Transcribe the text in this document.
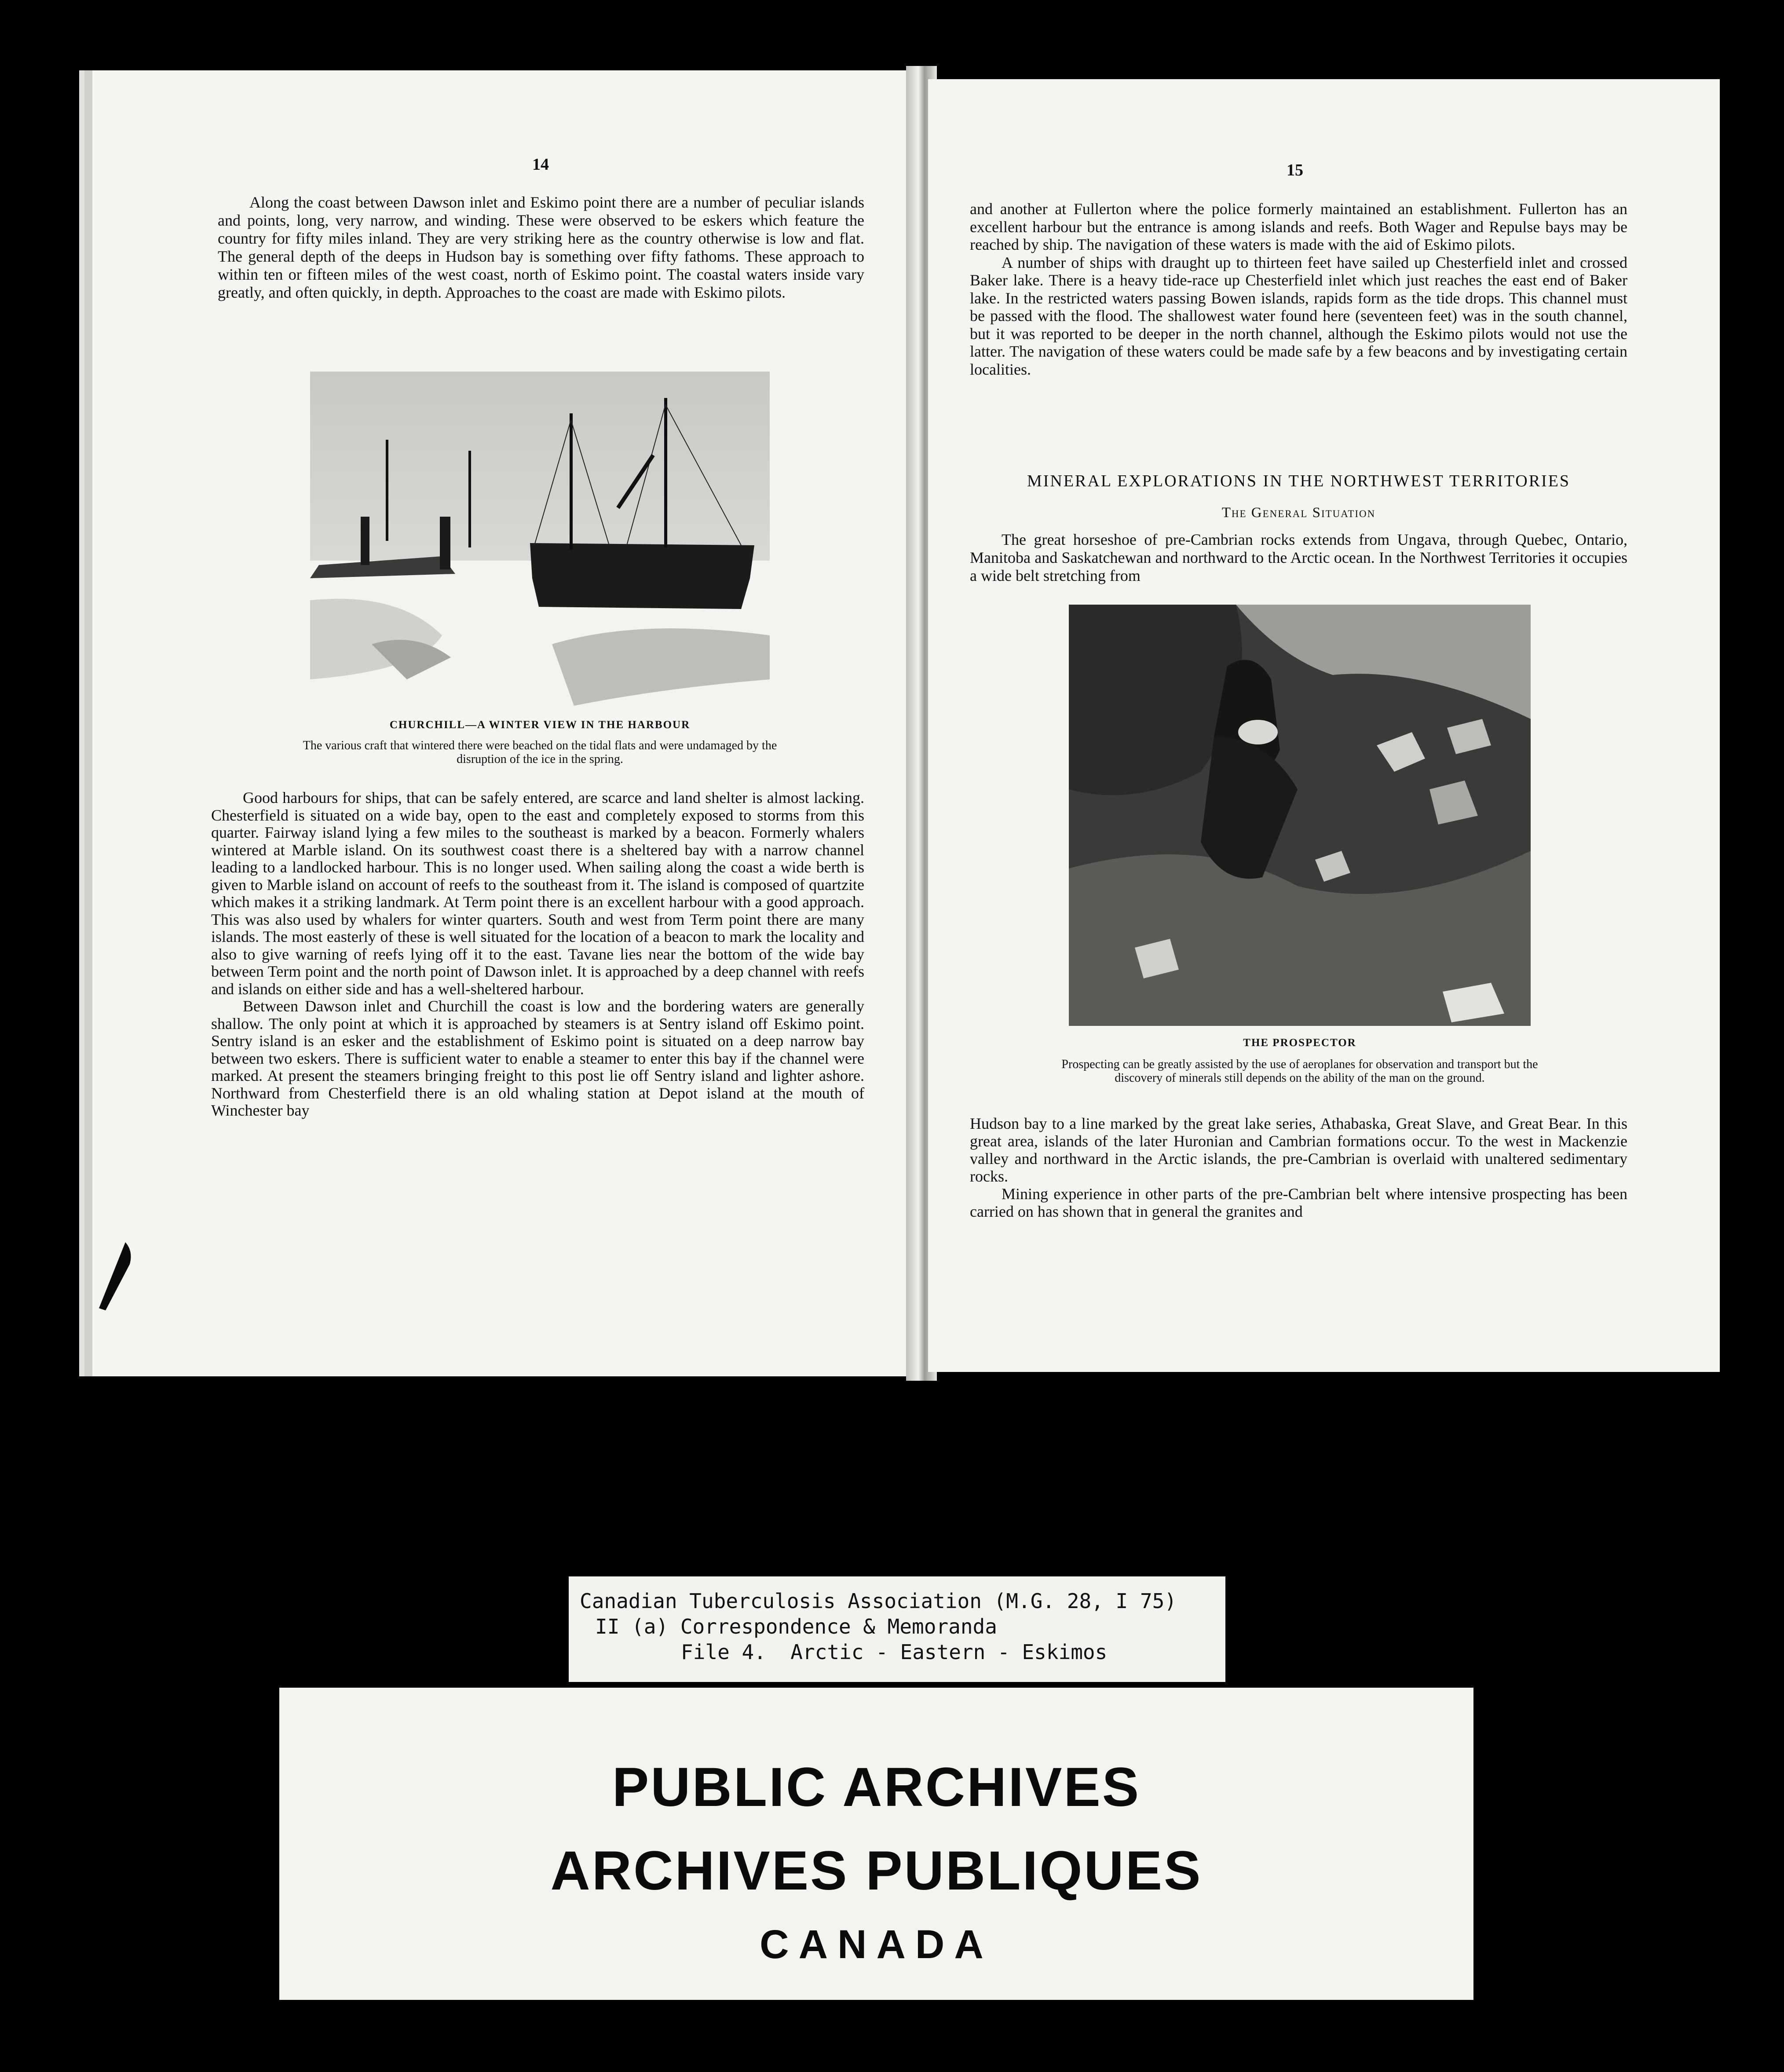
14

Along the coast between Dawson inlet and Eskimo point there are a number of peculiar islands and points, long, very narrow, and winding. These were observed to be eskers which feature the country for fifty miles inland. They are very striking here as the country otherwise is low and flat. The general depth of the deeps in Hudson bay is something over fifty fathoms. These approach to within ten or fifteen miles of the west coast, north of Eskimo point. The coastal waters inside vary greatly, and often quickly, in depth. Approaches to the coast are made with Eskimo pilots.

CHURCHILL—A WINTER VIEW IN THE HARBOUR
The various craft that wintered there were beached on the tidal flats and were undamaged by the disruption of the ice in the spring.

Good harbours for ships, that can be safely entered, are scarce and land shelter is almost lacking. Chesterfield is situated on a wide bay, open to the east and completely exposed to storms from this quarter. Fairway island lying a few miles to the southeast is marked by a beacon. Formerly whalers wintered at Marble island. On its southwest coast there is a sheltered bay with a narrow channel leading to a landlocked harbour. This is no longer used. When sailing along the coast a wide berth is given to Marble island on account of reefs to the southeast from it. The island is composed of quartzite which makes it a striking landmark. At Term point there is an excellent harbour with a good approach. This was also used by whalers for winter quarters. South and west from Term point there are many islands. The most easterly of these is well situated for the location of a beacon to mark the locality and also to give warning of reefs lying off it to the east. Tavane lies near the bottom of the wide bay between Term point and the north point of Dawson inlet. It is approached by a deep channel with reefs and islands on either side and has a well-sheltered harbour.

Between Dawson inlet and Churchill the coast is low and the bordering waters are generally shallow. The only point at which it is approached by steamers is at Sentry island off Eskimo point. Sentry island is an esker and the establishment of Eskimo point is situated on a deep narrow bay between two eskers. There is sufficient water to enable a steamer to enter this bay if the channel were marked. At present the steamers bringing freight to this post lie off Sentry island and lighter ashore. Northward from Chesterfield there is an old whaling station at Depot island at the mouth of Winchester bay

15

and another at Fullerton where the police formerly maintained an establishment. Fullerton has an excellent harbour but the entrance is among islands and reefs. Both Wager and Repulse bays may be reached by ship. The navigation of these waters is made with the aid of Eskimo pilots.

A number of ships with draught up to thirteen feet have sailed up Chesterfield inlet and crossed Baker lake. There is a heavy tide-race up Chesterfield inlet which just reaches the east end of Baker lake. In the restricted waters passing Bowen islands, rapids form as the tide drops. This channel must be passed with the flood. The shallowest water found here (seventeen feet) was in the south channel, but it was reported to be deeper in the north channel, although the Eskimo pilots would not use the latter. The navigation of these waters could be made safe by a few beacons and by investigating certain localities.

MINERAL EXPLORATIONS IN THE NORTHWEST TERRITORIES
The General Situation

The great horseshoe of pre-Cambrian rocks extends from Ungava, through Quebec, Ontario, Manitoba and Saskatchewan and northward to the Arctic ocean. In the Northwest Territories it occupies a wide belt stretching from

THE PROSPECTOR
Prospecting can be greatly assisted by the use of aeroplanes for observation and transport but the discovery of minerals still depends on the ability of the man on the ground.

Hudson bay to a line marked by the great lake series, Athabaska, Great Slave, and Great Bear. In this great area, islands of the later Huronian and Cambrian formations occur. To the west in Mackenzie valley and northward in the Arctic islands, the pre-Cambrian is overlaid with unaltered sedimentary rocks.

Mining experience in other parts of the pre-Cambrian belt where intensive prospecting has been carried on has shown that in general the granites and

Canadian Tuberculosis Association (M.G. 28, I 75)
II (a) Correspondence & Memoranda
File 4.  Arctic - Eastern - Eskimos
PUBLIC ARCHIVES
ARCHIVES PUBLIQUES
CANADA
